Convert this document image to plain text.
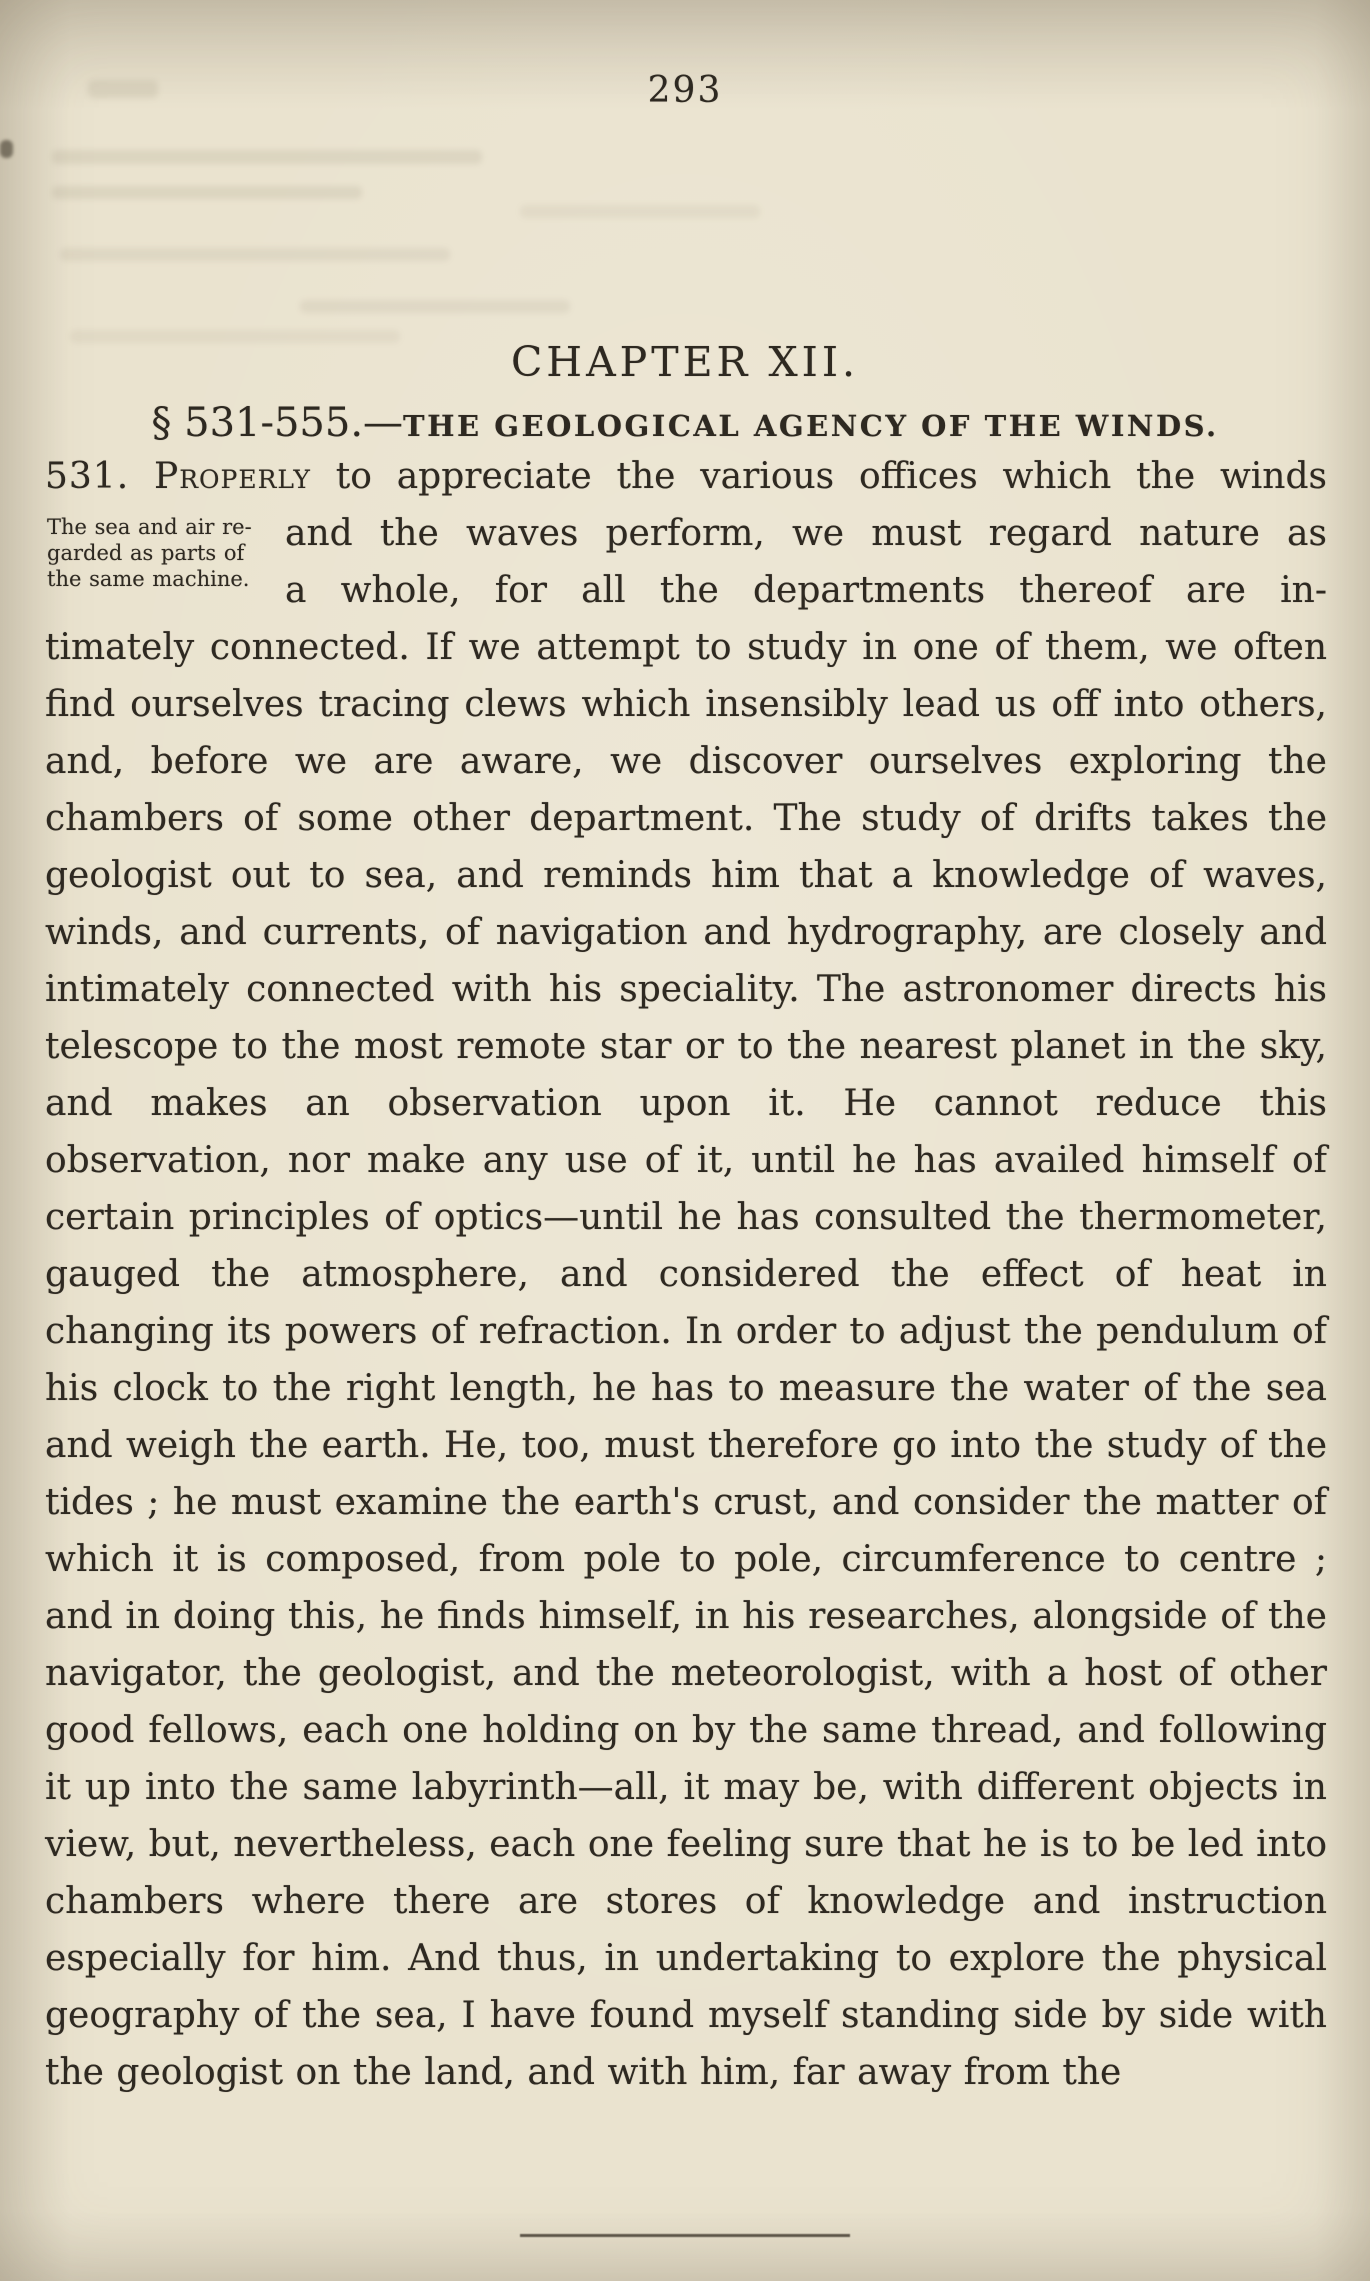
293
CHAPTER XII.
§ 531-555.—THE GEOLOGICAL AGENCY OF THE WINDS.
531. Properly to appreciate the various offices which the winds
The sea and air re-
garded as parts of
the same machine.
and the waves perform, we must regard nature as
a whole, for all the departments thereof are in-
timately connected. If we attempt to study in one of them, we often find ourselves tracing clews which insensibly lead us off into others, and, before we are aware, we discover ourselves exploring the chambers of some other department. The study of drifts takes the geologist out to sea, and reminds him that a knowledge of waves, winds, and currents, of navigation and hydrography, are closely and intimately connected with his speciality. The astronomer directs his telescope to the most remote star or to the nearest planet in the sky, and makes an observation upon it. He cannot reduce this observation, nor make any use of it, until he has availed himself of certain principles of optics—until he has consulted the thermometer, gauged the atmosphere, and considered the effect of heat in changing its powers of refraction. In order to adjust the pendulum of his clock to the right length, he has to measure the water of the sea and weigh the earth. He, too, must therefore go into the study of the tides ; he must examine the earth's crust, and consider the matter of which it is composed, from pole to pole, circumference to centre ; and in doing this, he finds himself, in his researches, alongside of the navigator, the geologist, and the meteorologist, with a host of other good fellows, each one holding on by the same thread, and following it up into the same labyrinth—all, it may be, with different objects in view, but, nevertheless, each one feeling sure that he is to be led into chambers where there are stores of knowledge and instruction especially for him. And thus, in undertaking to explore the physical geography of the sea, I have found myself standing side by side with the geologist on the land, and with him, far away from the
